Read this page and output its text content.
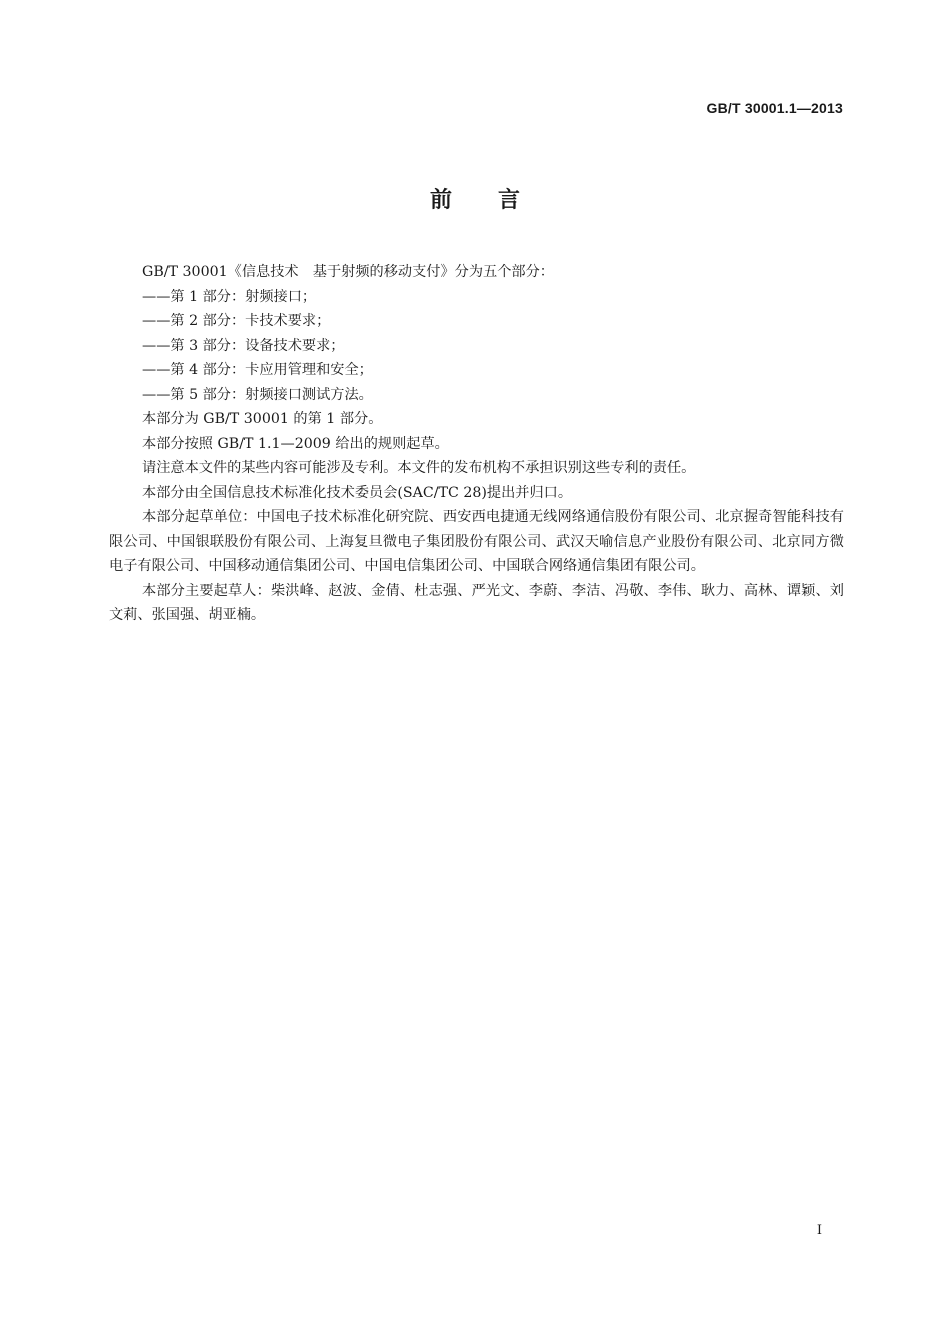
GB/T 30001.1—2013
前 言

GB/T 30001《信息技术　基于射频的移动支付》分为五个部分：

——第 1 部分：射频接口；

——第 2 部分：卡技术要求；

——第 3 部分：设备技术要求；

——第 4 部分：卡应用管理和安全；

——第 5 部分：射频接口测试方法。

本部分为 GB/T 30001 的第 1 部分。

本部分按照 GB/T 1.1—2009 给出的规则起草。

请注意本文件的某些内容可能涉及专利。本文件的发布机构不承担识别这些专利的责任。

本部分由全国信息技术标准化技术委员会(SAC/TC 28)提出并归口。

本部分起草单位：中国电子技术标准化研究院、西安西电捷通无线网络通信股份有限公司、北京握奇智能科技有限公司、中国银联股份有限公司、上海复旦微电子集团股份有限公司、武汉天喻信息产业股份有限公司、北京同方微电子有限公司、中国移动通信集团公司、中国电信集团公司、中国联合网络通信集团有限公司。

本部分主要起草人：柴洪峰、赵波、金倩、杜志强、严光文、李蔚、李洁、冯敬、李伟、耿力、高林、谭颖、刘文莉、张国强、胡亚楠。

I
